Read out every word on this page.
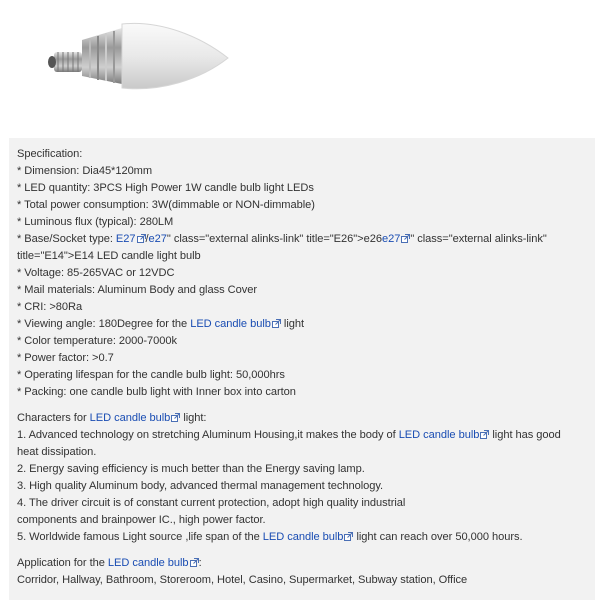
Specification:
* Dimension: Dia45*120mm
* LED quantity: 3PCS High Power 1W candle bulb light LEDs
* Total power consumption: 3W(dimmable or NON-dimmable)
* Luminous flux (typical): 280LM
* Base/Socket type: E27 /e27" class="external alinks-link" title="E26">e26e27 " class="external alinks-link"
title="E14">E14 LED candle light bulb
* Voltage: 85-265VAC or 12VDC
* Mail materials: Aluminum Body and glass Cover
* CRI: >80Ra
* Viewing angle: 180Degree for the LED candle bulb light
* Color temperature: 2000-7000k
* Power factor: >0.7
* Operating lifespan for the candle bulb light: 50,000hrs
* Packing: one candle bulb light with Inner box into carton
Characters for LED candle bulb light:
1. Advanced technology on stretching Aluminum Housing,it makes the body of LED candle bulb light has good
heat dissipation.
2. Energy saving efficiency is much better than the Energy saving lamp.
3. High quality Aluminum body, advanced thermal management technology.
4. The driver circuit is of constant current protection, adopt high quality industrial
components and brainpower IC., high power factor.
5. Worldwide famous Light source ,life span of the LED candle bulb light can reach over 50,000 hours.
Application for the LED candle bulb :
Corridor, Hallway, Bathroom, Storeroom, Hotel, Casino, Supermarket, Subway station, Office
